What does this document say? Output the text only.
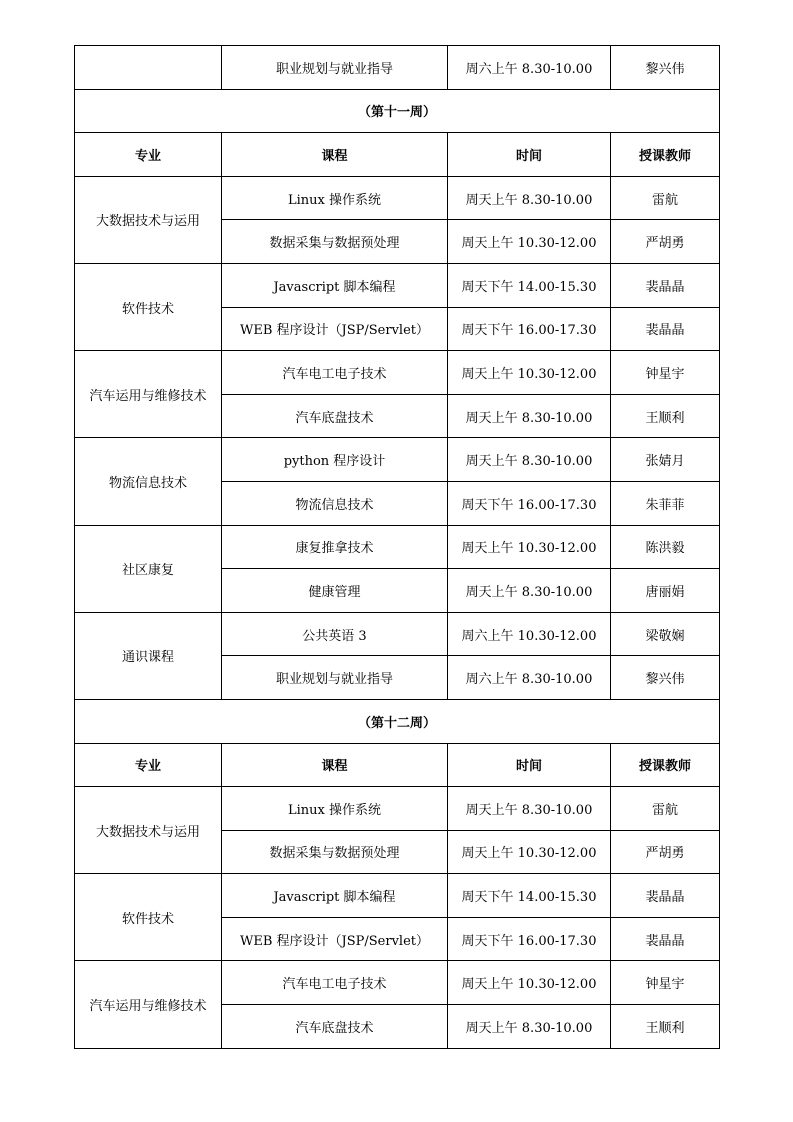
	职业规划与就业指导	周六上午 8.30-10.00	黎兴伟
（第十一周）			
专业	课程	时间	授课教师
大数据技术与运用	Linux 操作系统	周天上午 8.30-10.00	雷航
	数据采集与数据预处理	周天上午 10.30-12.00	严胡勇
软件技术	Javascript 脚本编程	周天下午 14.00-15.30	裴晶晶
	WEB 程序设计（JSP/Servlet）	周天下午 16.00-17.30	裴晶晶
汽车运用与维修技术	汽车电工电子技术	周天上午 10.30-12.00	钟星宇
	汽车底盘技术	周天上午 8.30-10.00	王顺利
物流信息技术	python 程序设计	周天上午 8.30-10.00	张婧月
	物流信息技术	周天下午 16.00-17.30	朱菲菲
社区康复	康复推拿技术	周天上午 10.30-12.00	陈洪毅
	健康管理	周天上午 8.30-10.00	唐丽娟
通识课程	公共英语 3	周六上午 10.30-12.00	梁敬娴
	职业规划与就业指导	周六上午 8.30-10.00	黎兴伟
（第十二周）			
专业	课程	时间	授课教师
大数据技术与运用	Linux 操作系统	周天上午 8.30-10.00	雷航
	数据采集与数据预处理	周天上午 10.30-12.00	严胡勇
软件技术	Javascript 脚本编程	周天下午 14.00-15.30	裴晶晶
	WEB 程序设计（JSP/Servlet）	周天下午 16.00-17.30	裴晶晶
汽车运用与维修技术	汽车电工电子技术	周天上午 10.30-12.00	钟星宇
	汽车底盘技术	周天上午 8.30-10.00	王顺利
